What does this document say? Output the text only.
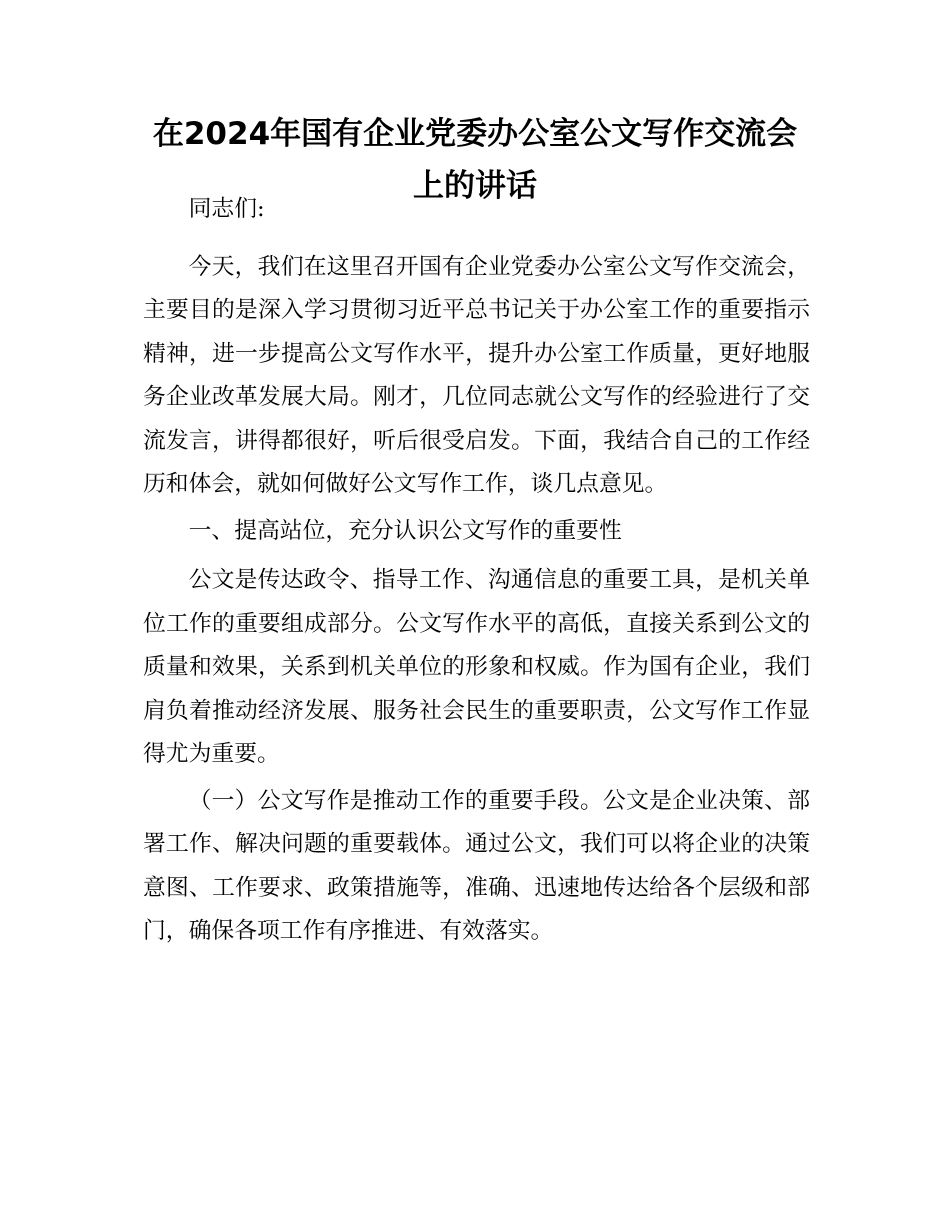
在2024年国有企业党委办公室公文写作交流会上的讲话

同志们:

今天，我们在这里召开国有企业党委办公室公文写作交流会，主要目的是深入学习贯彻习近平总书记关于办公室工作的重要指示精神，进一步提高公文写作水平，提升办公室工作质量，更好地服务企业改革发展大局。刚才，几位同志就公文写作的经验进行了交流发言，讲得都很好，听后很受启发。下面，我结合自己的工作经历和体会，就如何做好公文写作工作，谈几点意见。

一、提高站位，充分认识公文写作的重要性

公文是传达政令、指导工作、沟通信息的重要工具，是机关单位工作的重要组成部分。公文写作水平的高低，直接关系到公文的质量和效果，关系到机关单位的形象和权威。作为国有企业，我们肩负着推动经济发展、服务社会民生的重要职责，公文写作工作显得尤为重要。

（一）公文写作是推动工作的重要手段。公文是企业决策、部署工作、解决问题的重要载体。通过公文，我们可以将企业的决策意图、工作要求、政策措施等，准确、迅速地传达给各个层级和部门，确保各项工作有序推进、有效落实。
